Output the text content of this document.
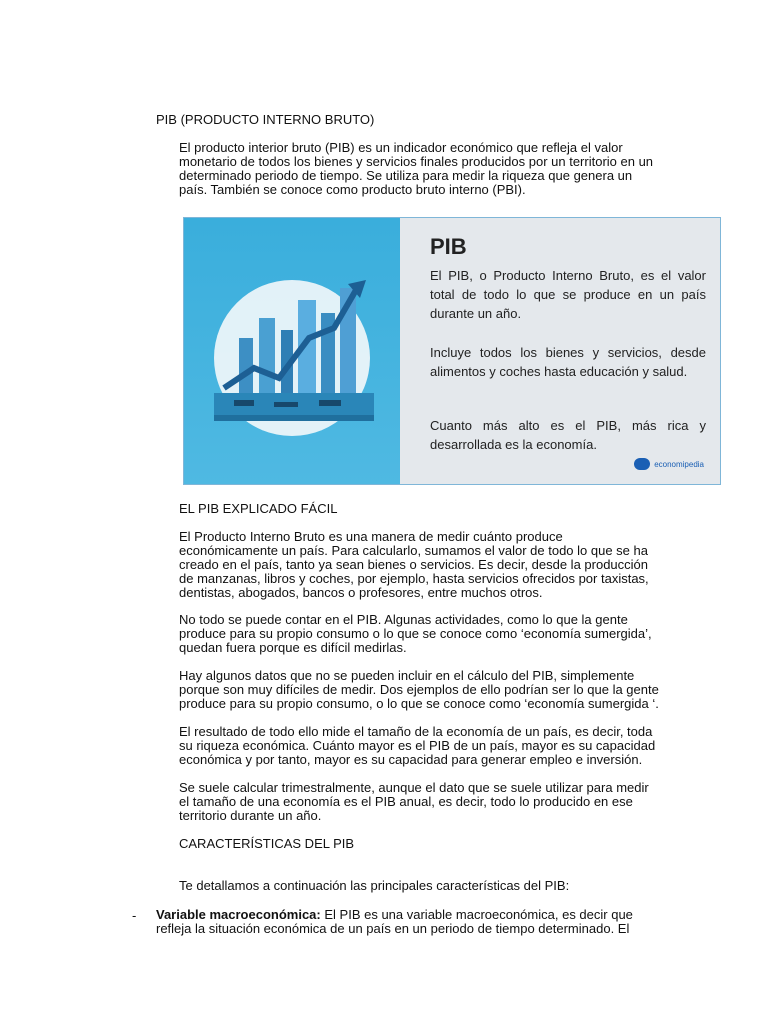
PIB (PRODUCTO INTERNO BRUTO)
El producto interior bruto (PIB) es un indicador económico que refleja el valor
monetario de todos los bienes y servicios finales producidos por un territorio en un
determinado periodo de tiempo. Se utiliza para medir la riqueza que genera un
país. También se conoce como producto bruto interno (PBI).
PIB
El PIB, o Producto Interno Bruto, es el valor total de todo lo que se produce en un país durante un año.
Incluye todos los bienes y servicios, desde alimentos y coches hasta educación y salud.
Cuanto más alto es el PIB, más rica y desarrollada es la economía.
economipedia
EL PIB EXPLICADO FÁCIL
El Producto Interno Bruto es una manera de medir cuánto produce
económicamente un país. Para calcularlo, sumamos el valor de todo lo que se ha
creado en el país, tanto ya sean bienes o servicios. Es decir, desde la producción
de manzanas, libros y coches, por ejemplo, hasta servicios ofrecidos por taxistas,
dentistas, abogados, bancos o profesores, entre muchos otros.
No todo se puede contar en el PIB. Algunas actividades, como lo que la gente
produce para su propio consumo o lo que se conoce como ‘economía sumergida’,
quedan fuera porque es difícil medirlas.
Hay algunos datos que no se pueden incluir en el cálculo del PIB, simplemente
porque son muy difíciles de medir. Dos ejemplos de ello podrían ser lo que la gente
produce para su propio consumo, o lo que se conoce como ‘economía sumergida ‘.
El resultado de todo ello mide el tamaño de la economía de un país, es decir, toda
su riqueza económica. Cuánto mayor es el PIB de un país, mayor es su capacidad
económica y por tanto, mayor es su capacidad para generar empleo e inversión.
Se suele calcular trimestralmente, aunque el dato que se suele utilizar para medir
el tamaño de una economía es el PIB anual, es decir, todo lo producido en ese
territorio durante un año.
CARACTERÍSTICAS DEL PIB
Te detallamos a continuación las principales características del PIB:
- Variable macroeconómica: El PIB es una variable macroeconómica, es decir que
refleja la situación económica de un país en un periodo de tiempo determinado. El
